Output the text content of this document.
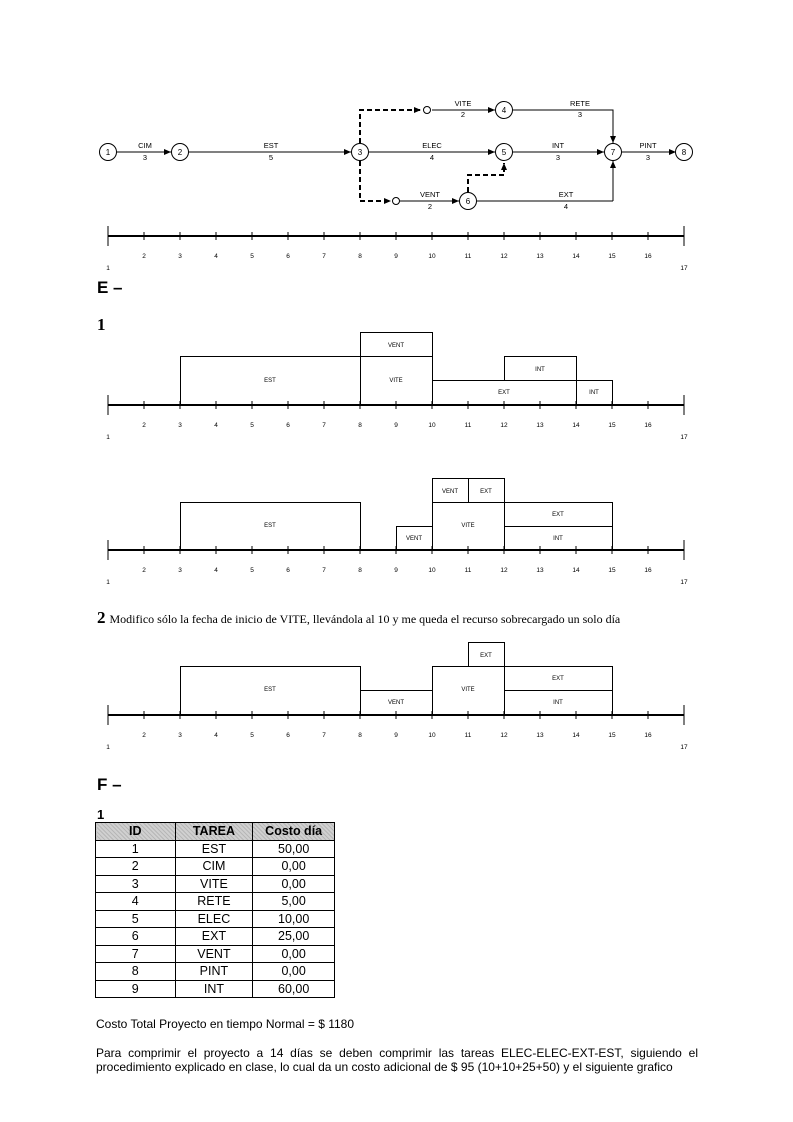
1	2	3
4
5
6
7	8
CIM
3
EST
5
VITE
2
RETE
3
ELEC
4
INT
3
PINT
3
VENT
2
EXT
4
1
2	3	4	5	6	7	8	9	10	11	12	13	14	15	16
17
E –
1
VENT
EST	VITE
INT
EXT	INT
1
2	3	4	5	6	7	8	9	10	11	12	13	14	15	16
17
VENT	EXT
EST
EXT
VITE
VENT	INT
1
2	3	4	5	6	7	8	9	10	11	12	13	14	15	16
17
2 Modifico sólo la fecha de inicio de VITE, llevándola al 10 y me queda el recurso sobrecargado un solo día
EXT
EXT
EST	VITE
VENT	INT
1
2	3	4	5	6	7	8	9	10	11	12	13	14	15	16
17
F –
1
ID	TAREA	Costo día
1	EST	50,00
2	CIM	0,00
3	VITE	0,00
4	RETE	5,00
5	ELEC	10,00
6	EXT	25,00
7	VENT	0,00
8	PINT	0,00
9	INT	60,00
Costo Total Proyecto en tiempo Normal = $ 1180
Para comprimir el proyecto a 14 días se deben comprimir las tareas ELEC-ELEC-EXT-EST, siguiendo el procedimiento explicado en clase, lo cual da un costo adicional de $ 95 (10+10+25+50) y el siguiente grafico
